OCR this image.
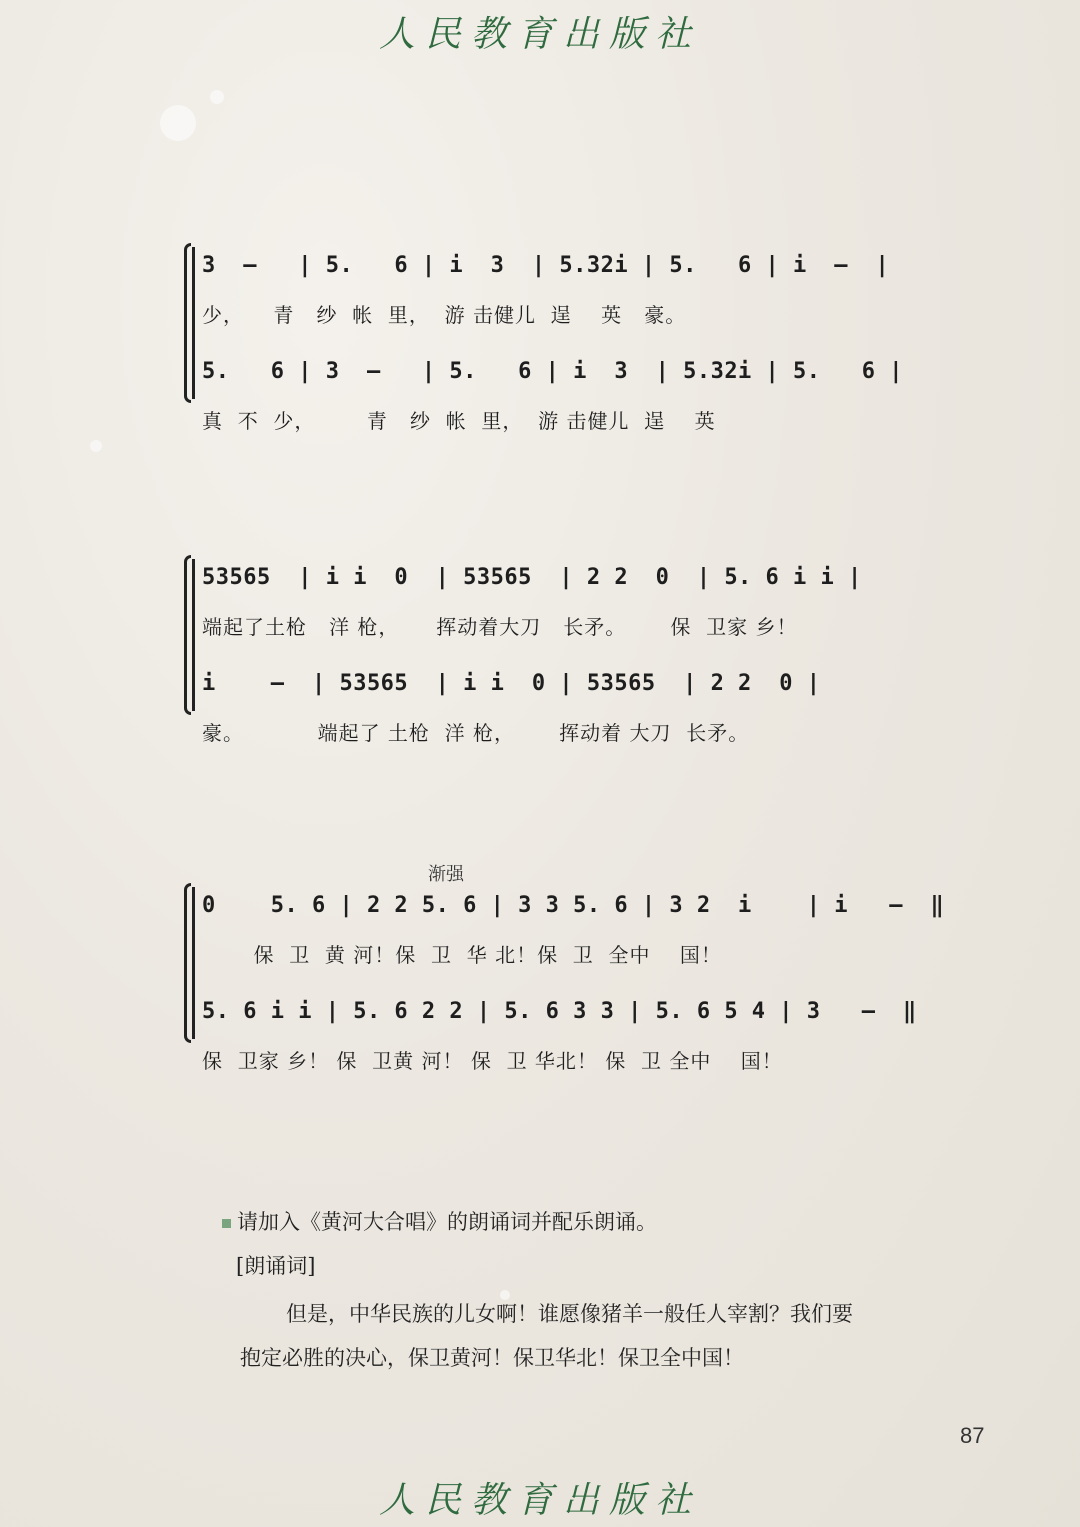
人民教育出版社
3  –   | 5.   6 | i  3  | 5.32i | 5.   6 | i  –  |
少，    青   纱  帐  里，  游 击健儿  逞    英   豪。
5.   6 | 3  –   | 5.   6 | i  3  | 5.32i | 5.   6 |
真  不  少，       青   纱  帐  里，  游 击健儿  逞    英
53565  | i i  0  | 53565  | 2 2  0  | 5. 6 i i |
端起了土枪   洋 枪，     挥动着大刀   长矛。      保  卫家 乡！
i    –  | 53565  | i i  0 | 53565  | 2 2  0 |
豪。          端起了 土枪  洋 枪，      挥动着 大刀  长矛。
渐强
0    5. 6 | 2 2 5. 6 | 3 3 5. 6 | 3 2  i    | i   –  ‖
保  卫  黄 河！保  卫  华 北！保  卫  全中    国！
5. 6 i i | 5. 6 2 2 | 5. 6 3 3 | 5. 6 5 4 | 3   –  ‖
保  卫家 乡！ 保  卫黄 河！ 保  卫 华北！ 保  卫 全中    国！
请加入《黄河大合唱》的朗诵词并配乐朗诵。
[朗诵词]
但是，中华民族的儿女啊！谁愿像猪羊一般任人宰割？我们要
抱定必胜的决心，保卫黄河！保卫华北！保卫全中国！
87
人民教育出版社
